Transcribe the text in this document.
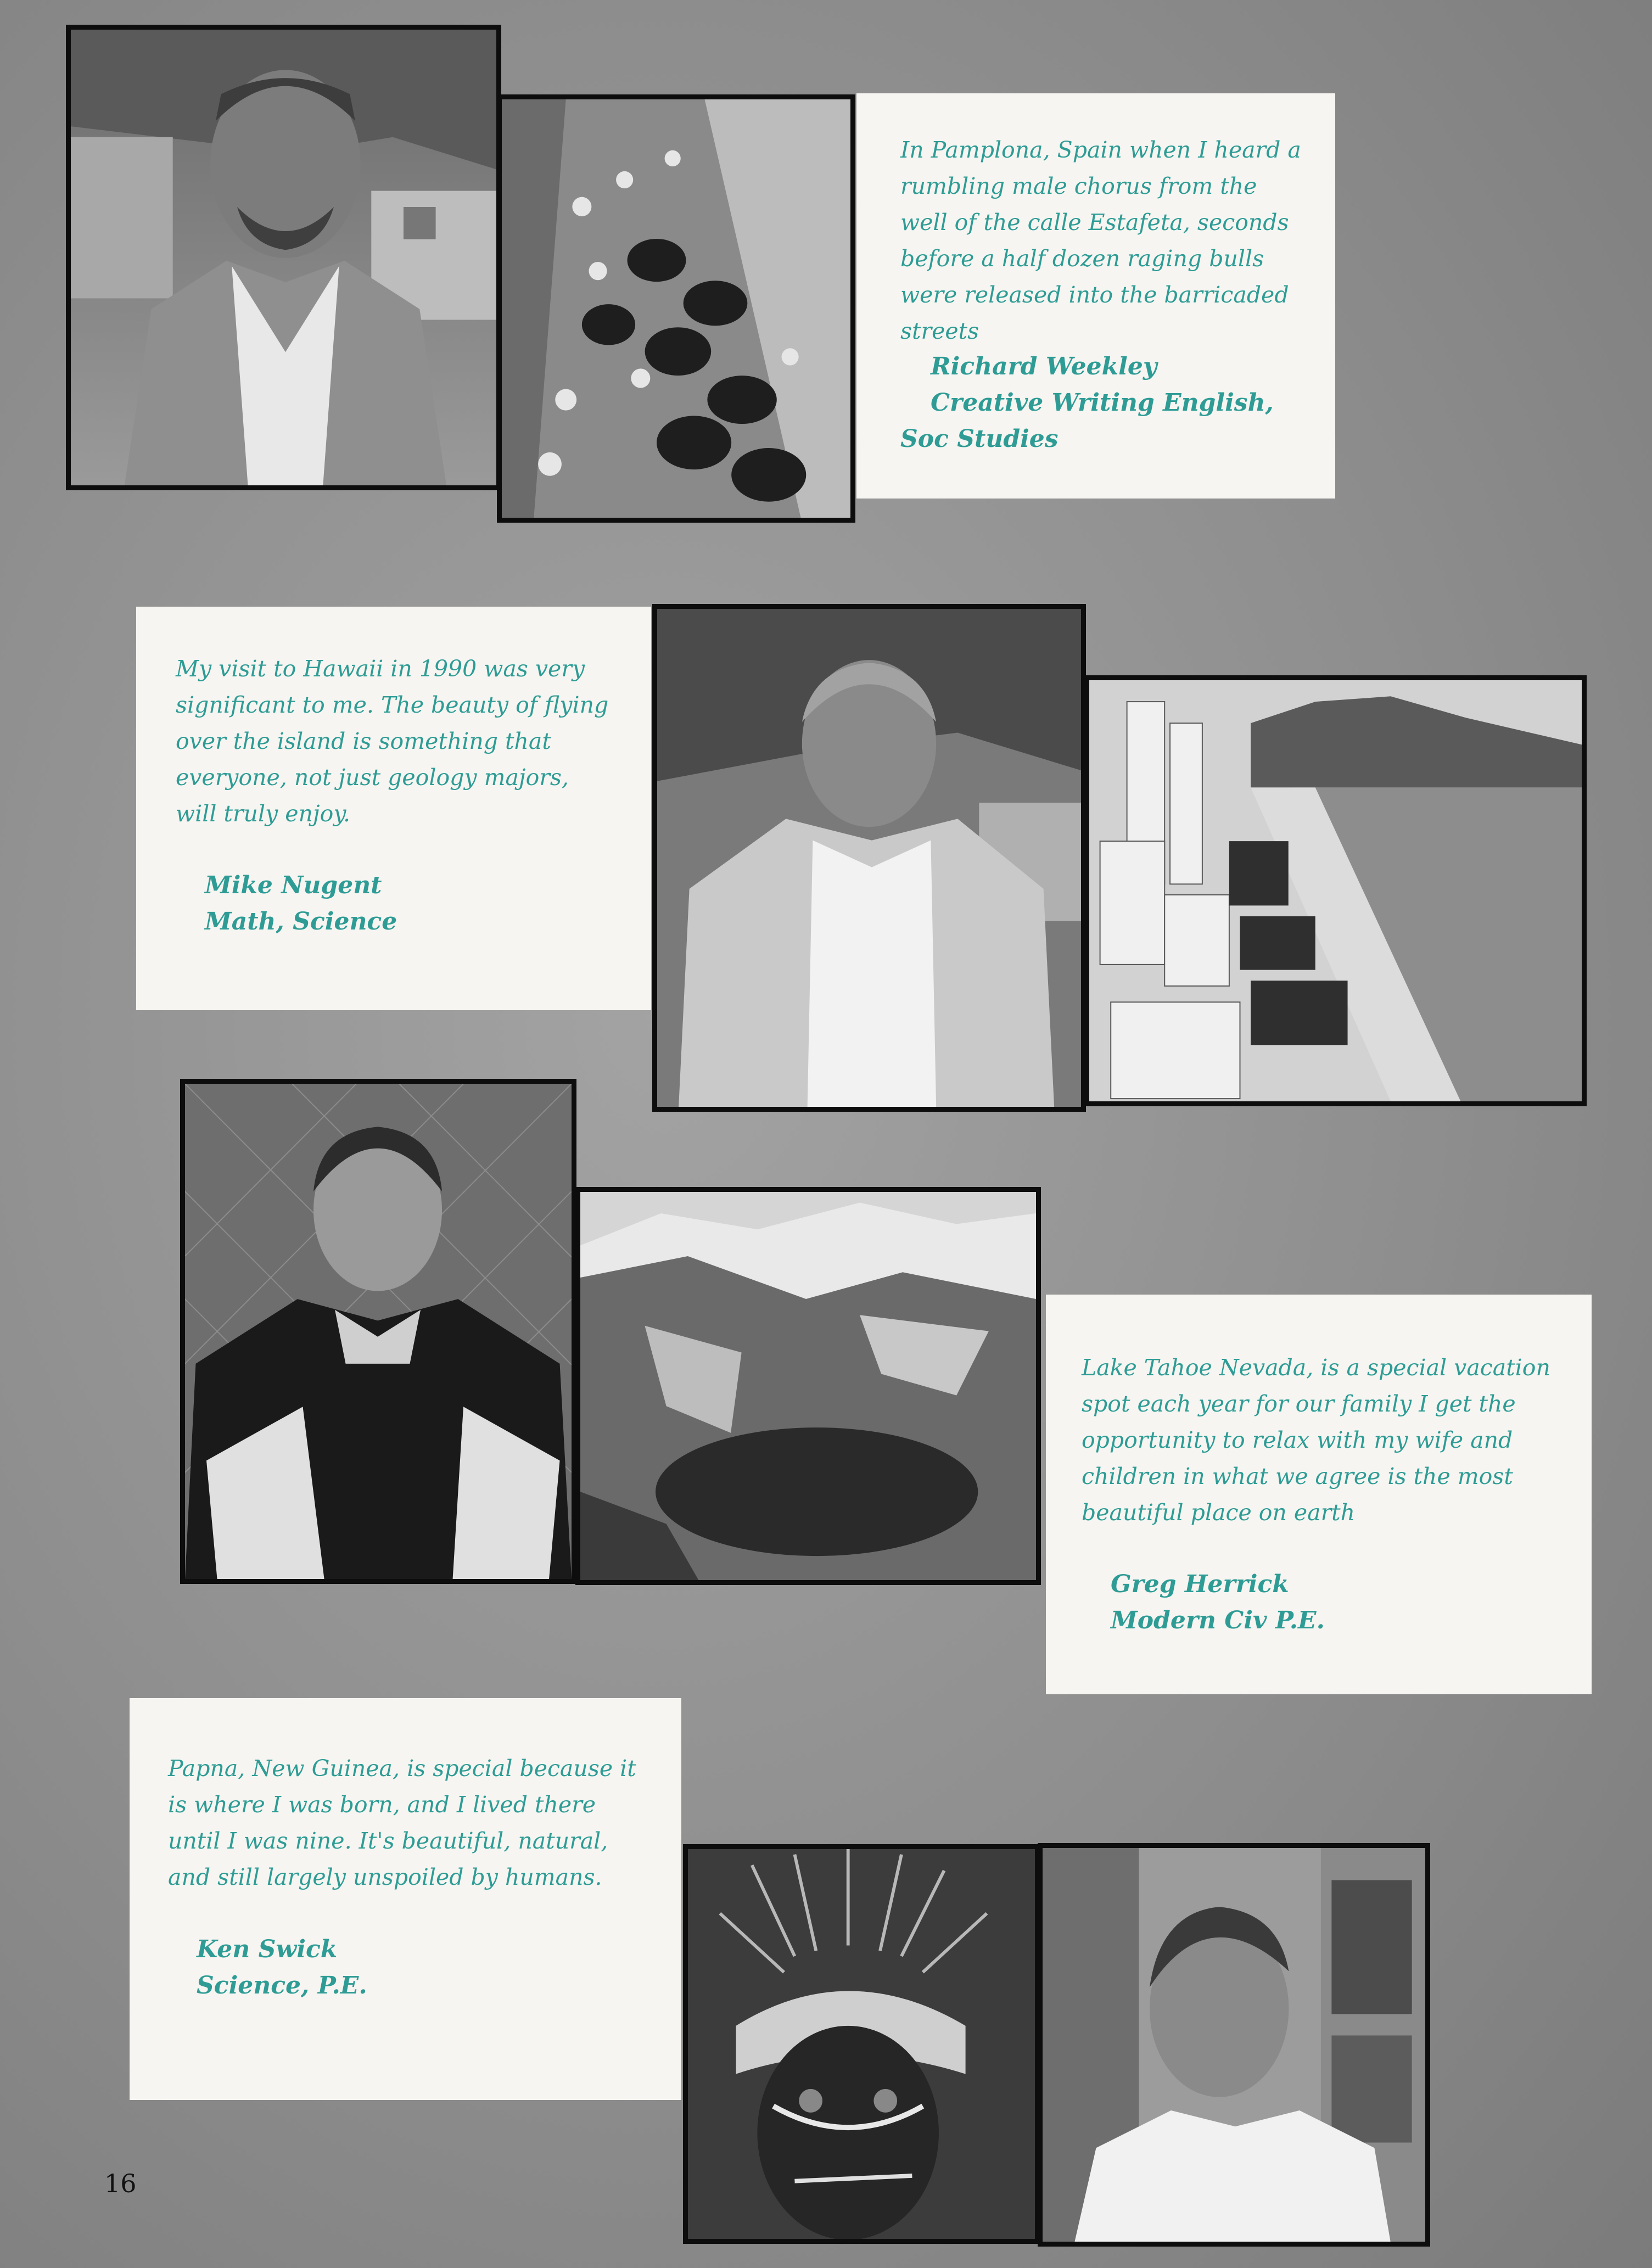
In Pamplona, Spain when I heard a rumbling male chorus from the well of the calle Estafeta, seconds before a half dozen raging bulls were released into the barricaded streets
Richard Weekley
Creative Writing English, Soc Studies
My visit to Hawaii in 1990 was very significant to me. The beauty of flying over the island is something that everyone, not just geology majors, will truly enjoy.
Mike Nugent
Math, Science
Lake Tahoe Nevada, is a special vacation spot each year for our family I get the opportunity to relax with my wife and children in what we agree is the most beautiful place on earth
Greg Herrick
Modern Civ P.E.
Papna, New Guinea, is special because it is where I was born, and I lived there until I was nine. It's beautiful, natural, and still largely unspoiled by humans.
Ken Swick
Science, P.E.
16
